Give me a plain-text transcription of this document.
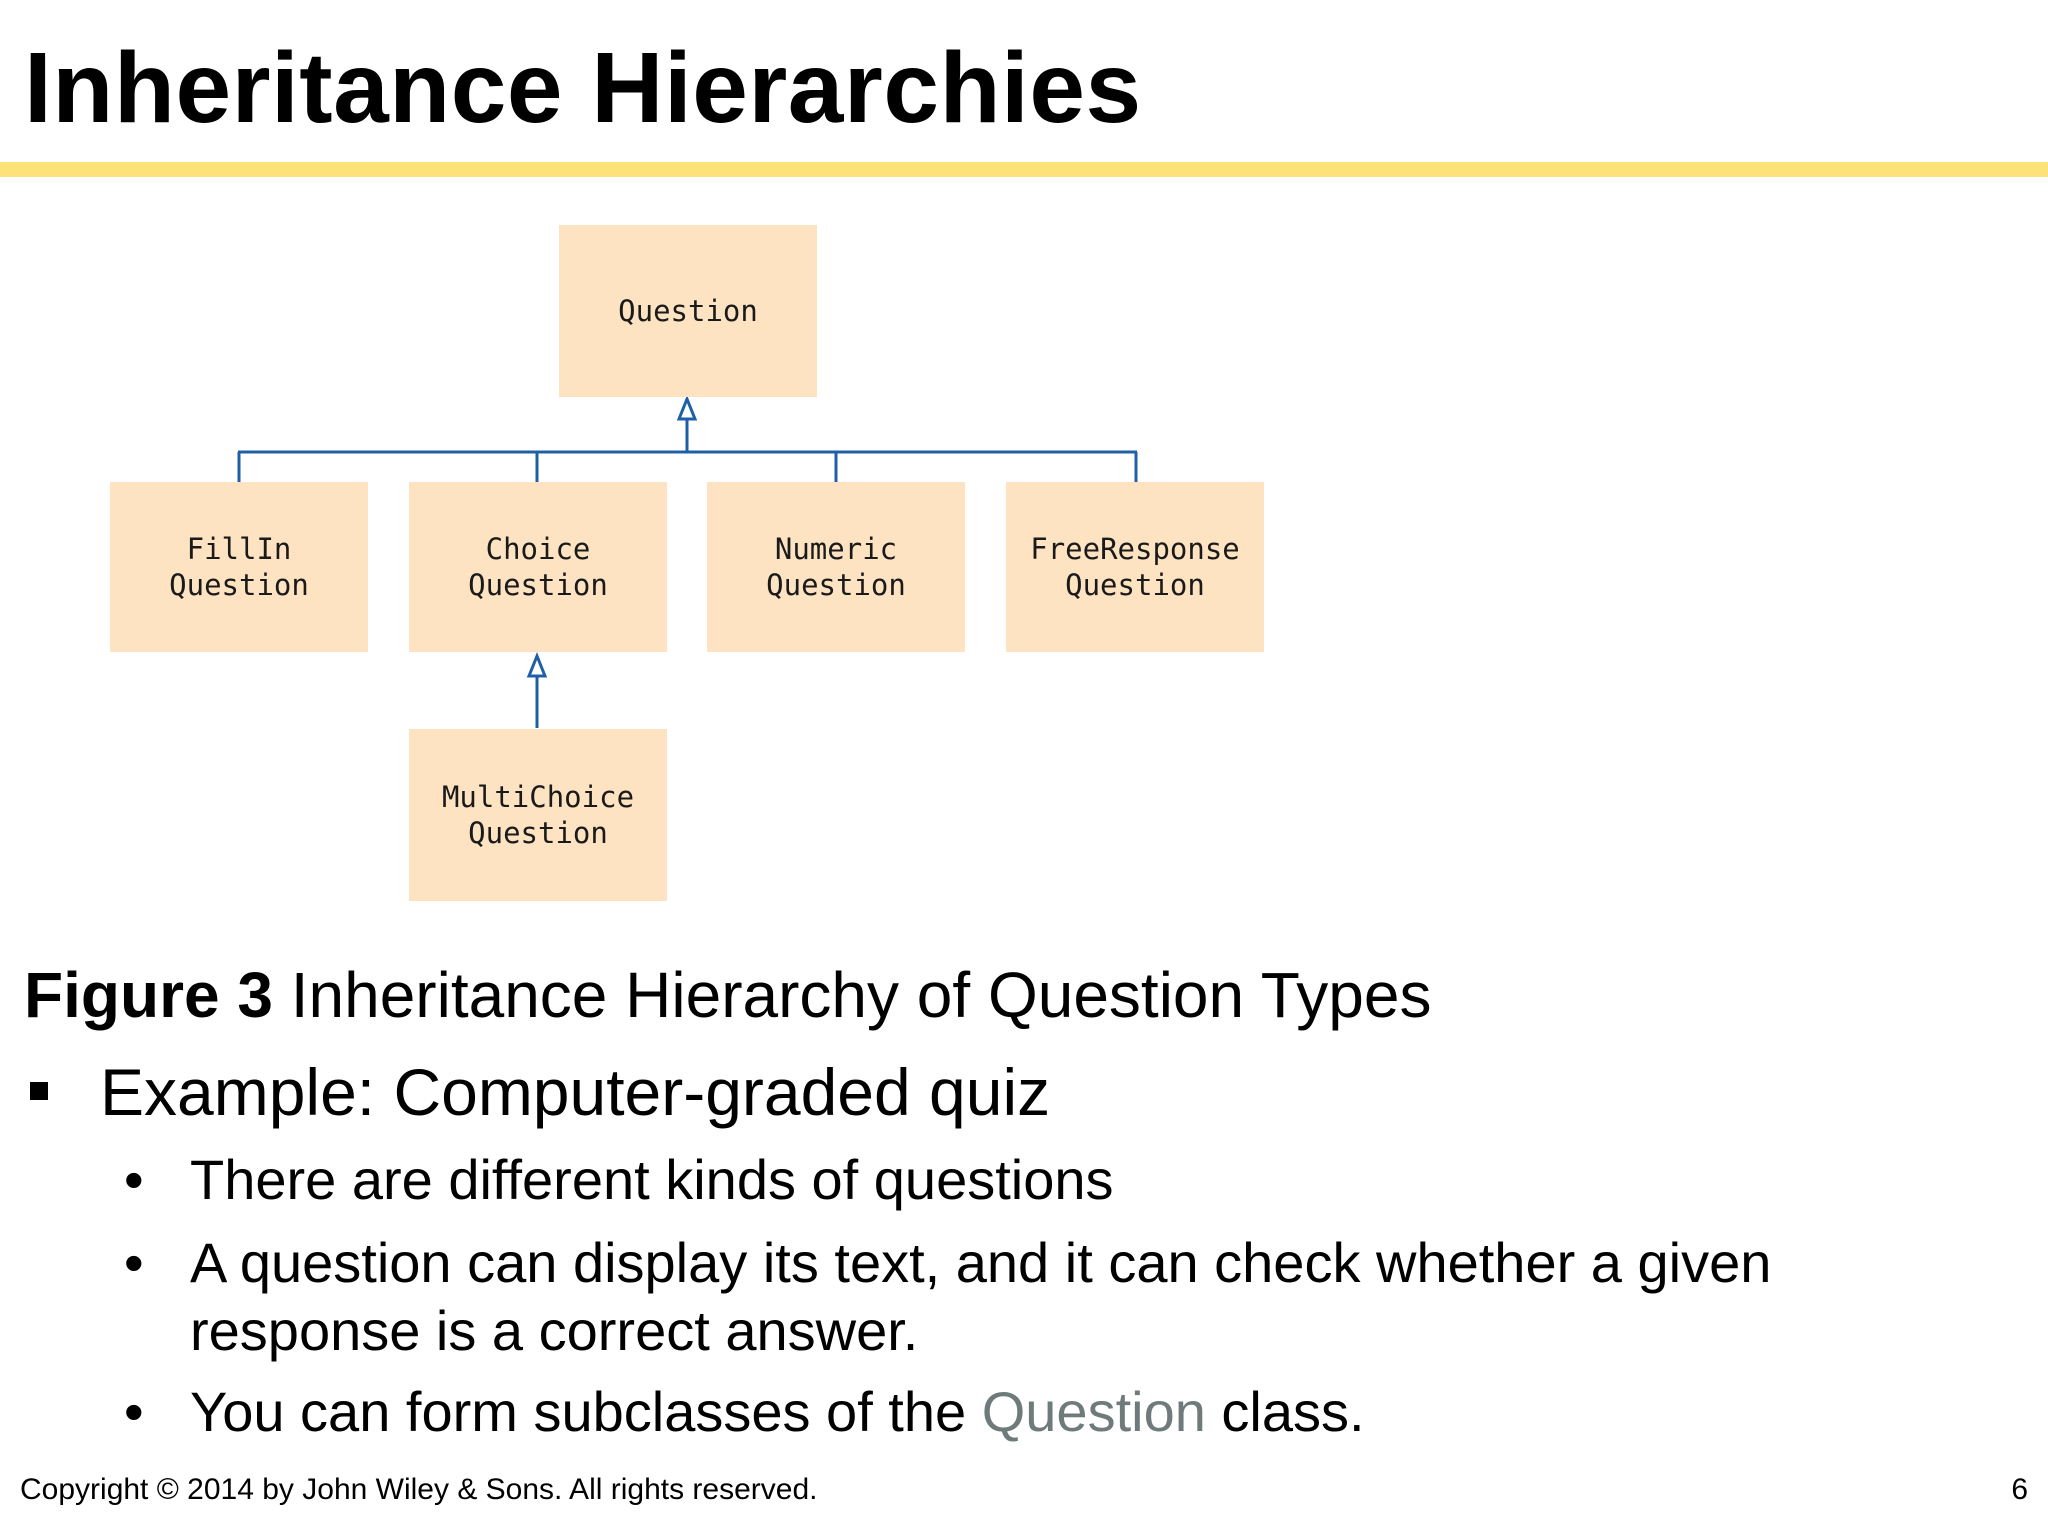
Inheritance Hierarchies
Question
FillIn
Question
Choice
Question
Numeric
Question
FreeResponse
Question
MultiChoice
Question
Figure 3 Inheritance Hierarchy of Question Types
Example: Computer-graded quiz
• There are different kinds of questions
• A question can display its text, and it can check whether a given
response is a correct answer.
• You can form subclasses of the Question class.
Copyright © 2014 by John Wiley & Sons. All rights reserved.	6
